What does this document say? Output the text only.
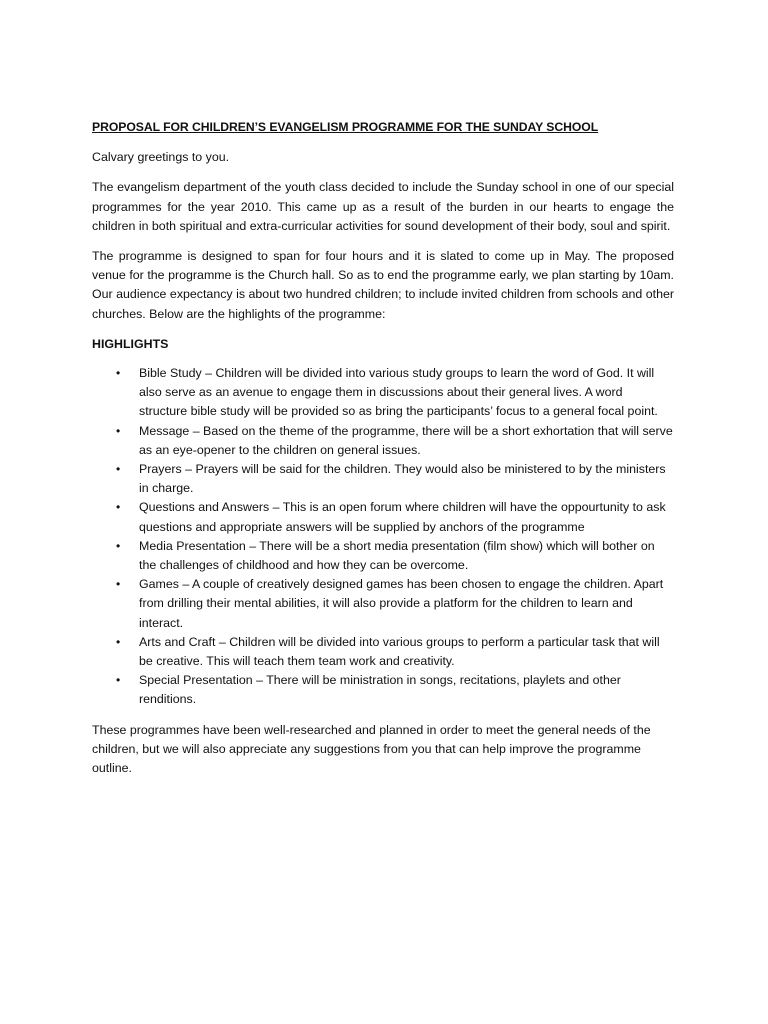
PROPOSAL FOR CHILDREN’S EVANGELISM PROGRAMME FOR THE SUNDAY SCHOOL
Calvary greetings to you.
The evangelism department of the youth class decided to include the Sunday school in one of our special programmes for the year 2010. This came up as a result of the burden in our hearts to engage the children in both spiritual and extra-curricular activities for sound development of their body, soul and spirit.
The programme is designed to span for four hours and it is slated to come up in May. The proposed venue for the programme is the Church hall. So as to end the programme early, we plan starting by 10am. Our audience expectancy is about two hundred children; to include invited children from schools and other churches. Below are the highlights of the programme:
HIGHLIGHTS
• Bible Study – Children will be divided into various study groups to learn the word of God. It will also serve as an avenue to engage them in discussions about their general lives. A word structure bible study will be provided so as bring the participants’ focus to a general focal point.
• Message – Based on the theme of the programme, there will be a short exhortation that will serve as an eye-opener to the children on general issues.
• Prayers – Prayers will be said for the children. They would also be ministered to by the ministers in charge.
• Questions and Answers – This is an open forum where children will have the oppourtunity to ask questions and appropriate answers will be supplied by anchors of the programme
• Media Presentation – There will be a short media presentation (film show) which will bother on the challenges of childhood and how they can be overcome.
• Games – A couple of creatively designed games has been chosen to engage the children. Apart from drilling their mental abilities, it will also provide a platform for the children to learn and interact.
• Arts and Craft – Children will be divided into various groups to perform a particular task that will be creative. This will teach them team work and creativity.
• Special Presentation – There will be ministration in songs, recitations, playlets and other renditions.
These programmes have been well-researched and planned in order to meet the general needs of the children, but we will also appreciate any suggestions from you that can help improve the programme outline.
